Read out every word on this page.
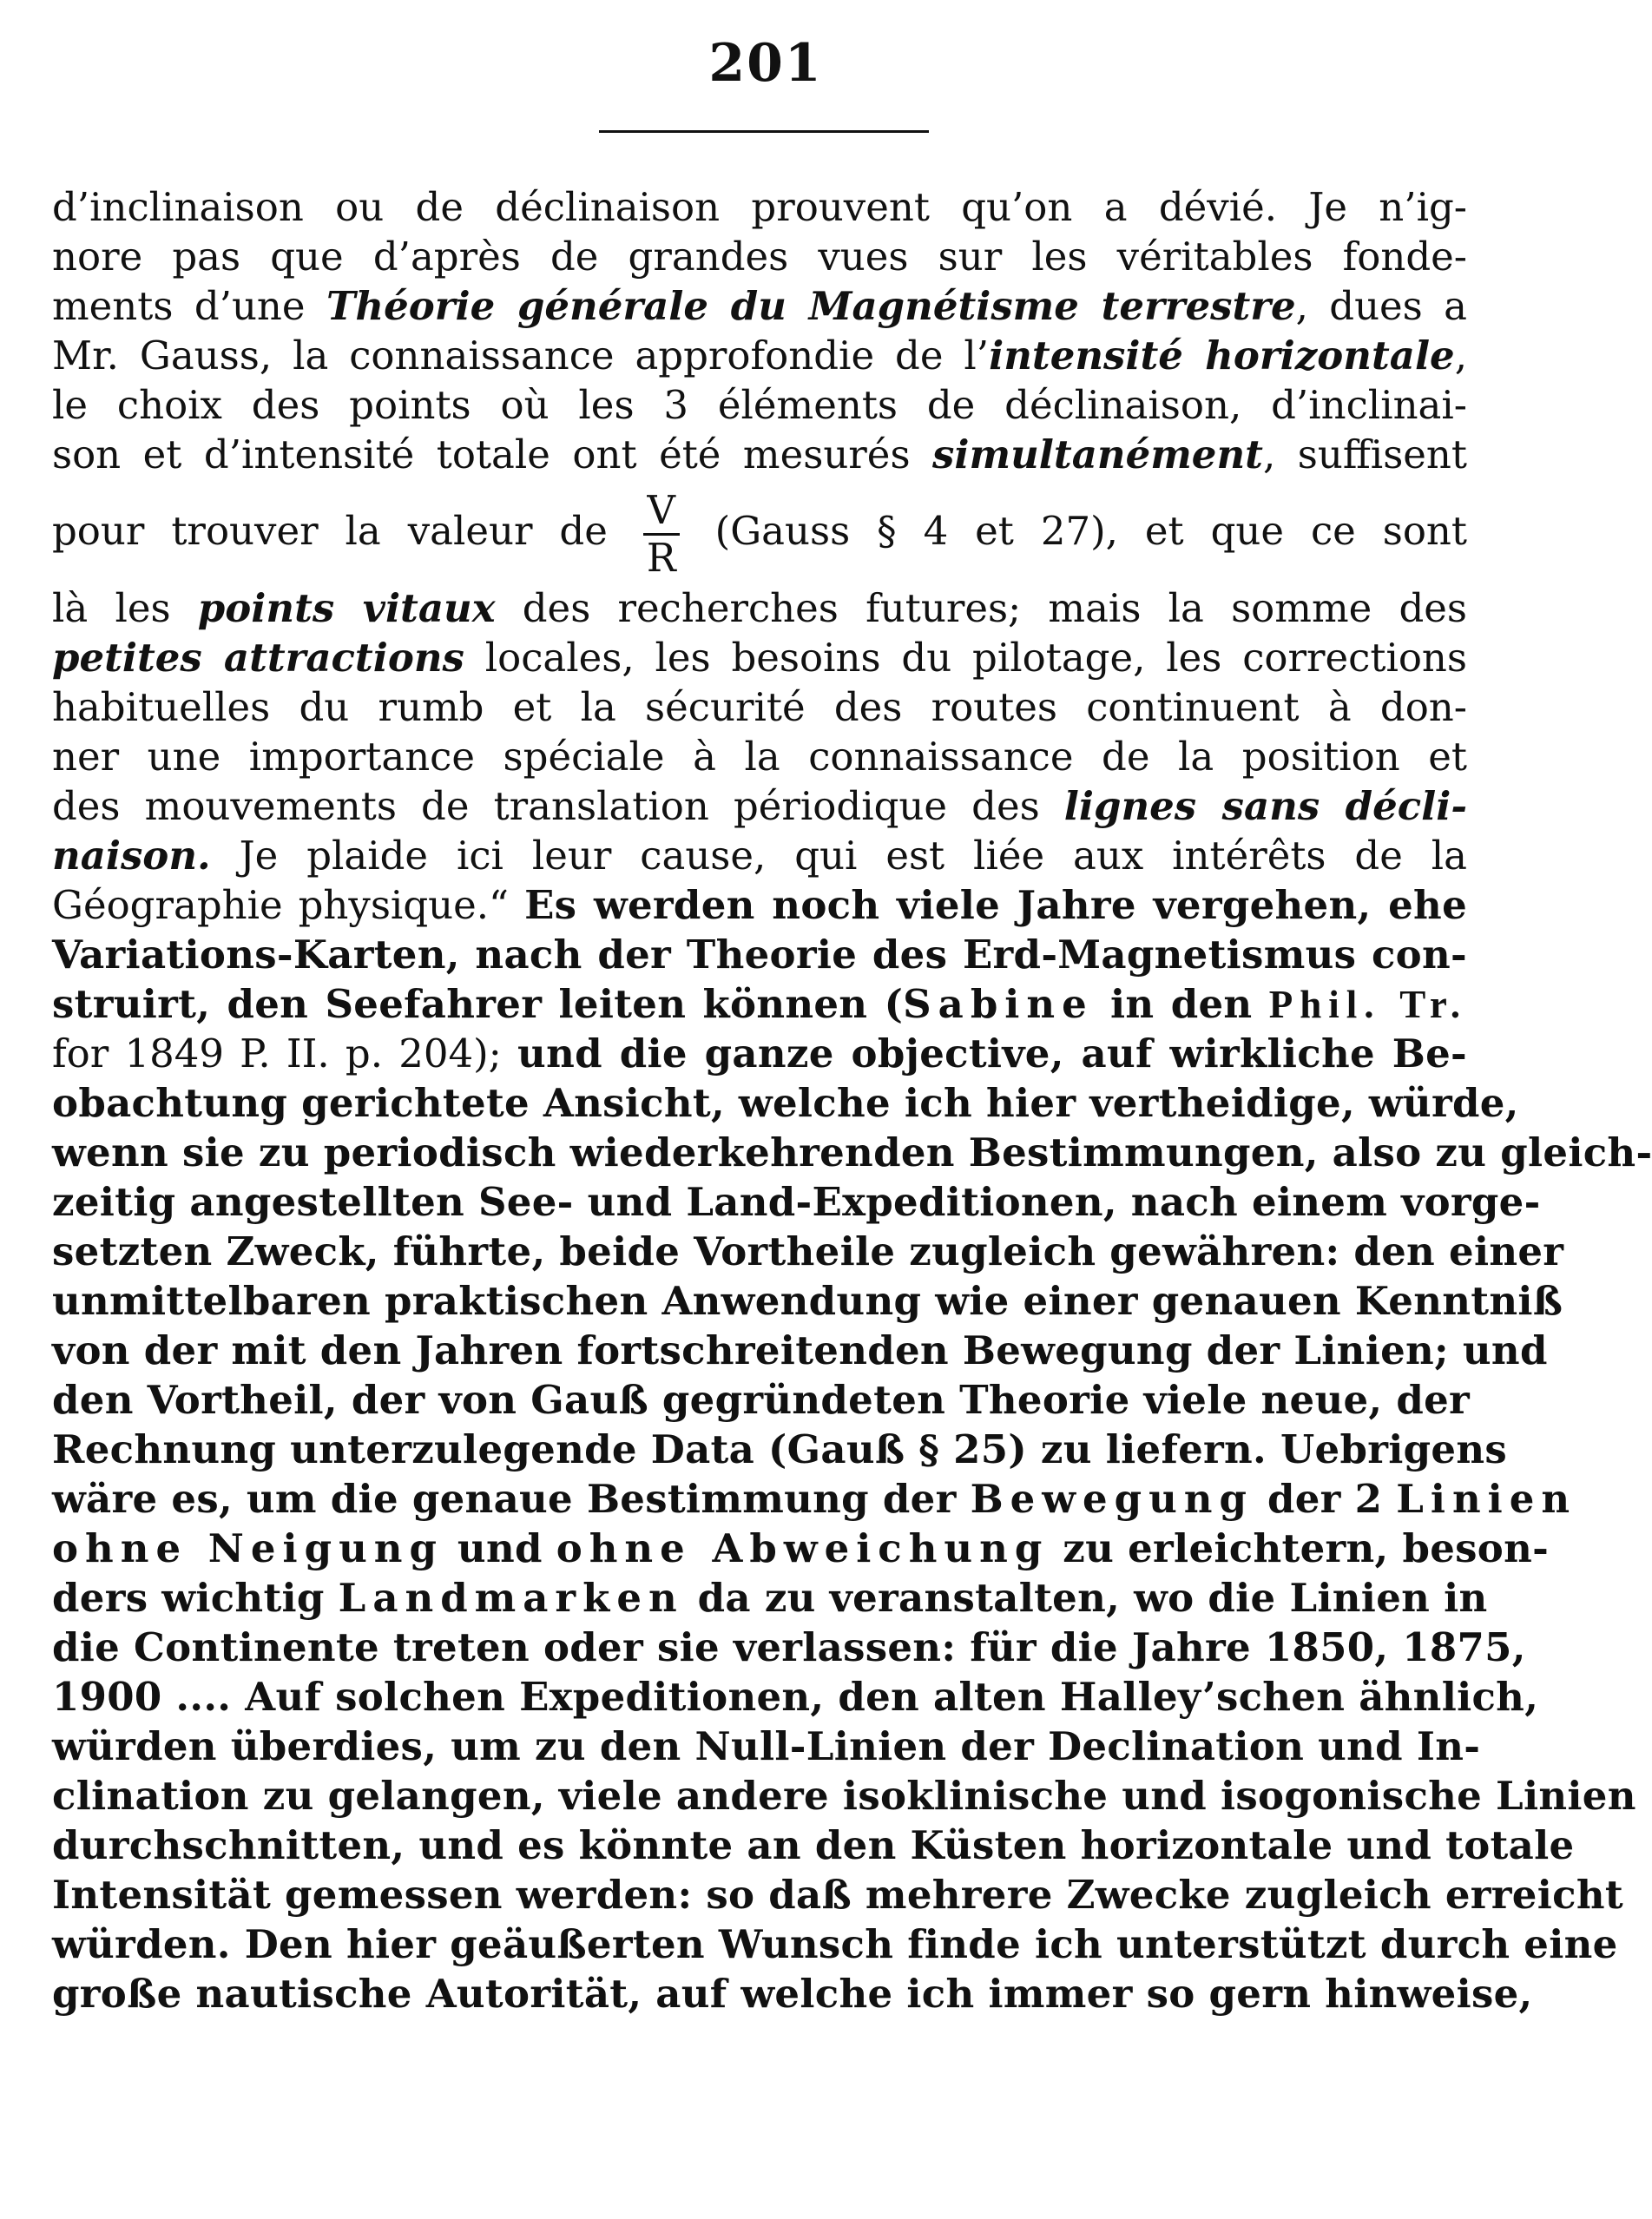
201
d’inclinaison ou de déclinaison prouvent qu’on a dévié. Je n’ig-
nore pas que d’après de grandes vues sur les véritables fonde-
ments d’une Théorie générale du Magnétisme terrestre, dues a
Mr. Gauss, la connaissance approfondie de l’intensité horizontale,
le choix des points où les 3 éléments de déclinaison, d’inclinai-
son et d’intensité totale ont été mesurés simultanément, suffisent
pour trouver la valeur de $\frac{V}{R}$ (Gauss § 4 et 27), et que ce sont
là les points vitaux des recherches futures; mais la somme des
petites attractions locales, les besoins du pilotage, les corrections
habituelles du rumb et la sécurité des routes continuent à don-
ner une importance spéciale à la connaissance de la position et
des mouvements de translation périodique des lignes sans décli-
naison. Je plaide ici leur cause, qui est liée aux intérêts de la
Géographie physique.“ Es werden noch viele Jahre vergehen, ehe
Variations-Karten, nach der Theorie des Erd-Magnetismus con-
struirt, den Seefahrer leiten können (Sabine in den Phil. Tr.
for 1849 P. II. p. 204); und die ganze objective, auf wirkliche Be-
obachtung gerichtete Ansicht, welche ich hier vertheidige, würde,
wenn sie zu periodisch wiederkehrenden Bestimmungen, also zu gleich-
zeitig angestellten See- und Land-Expeditionen, nach einem vorge-
setzten Zweck, führte, beide Vortheile zugleich gewähren: den einer
unmittelbaren praktischen Anwendung wie einer genauen Kenntniß
von der mit den Jahren fortschreitenden Bewegung der Linien; und
den Vortheil, der von Gauß gegründeten Theorie viele neue, der
Rechnung unterzulegende Data (Gauß § 25) zu liefern. Uebrigens
wäre es, um die genaue Bestimmung der Bewegung der 2 Linien
ohne Neigung und ohne Abweichung zu erleichtern, beson-
ders wichtig Landmarken da zu veranstalten, wo die Linien in
die Continente treten oder sie verlassen: für die Jahre 1850, 1875,
1900 .... Auf solchen Expeditionen, den alten Halley’schen ähnlich,
würden überdies, um zu den Null-Linien der Declination und In-
clination zu gelangen, viele andere isoklinische und isogonische Linien
durchschnitten, und es könnte an den Küsten horizontale und totale
Intensität gemessen werden: so daß mehrere Zwecke zugleich erreicht
würden. Den hier geäußerten Wunsch finde ich unterstützt durch eine
große nautische Autorität, auf welche ich immer so gern hinweise,
